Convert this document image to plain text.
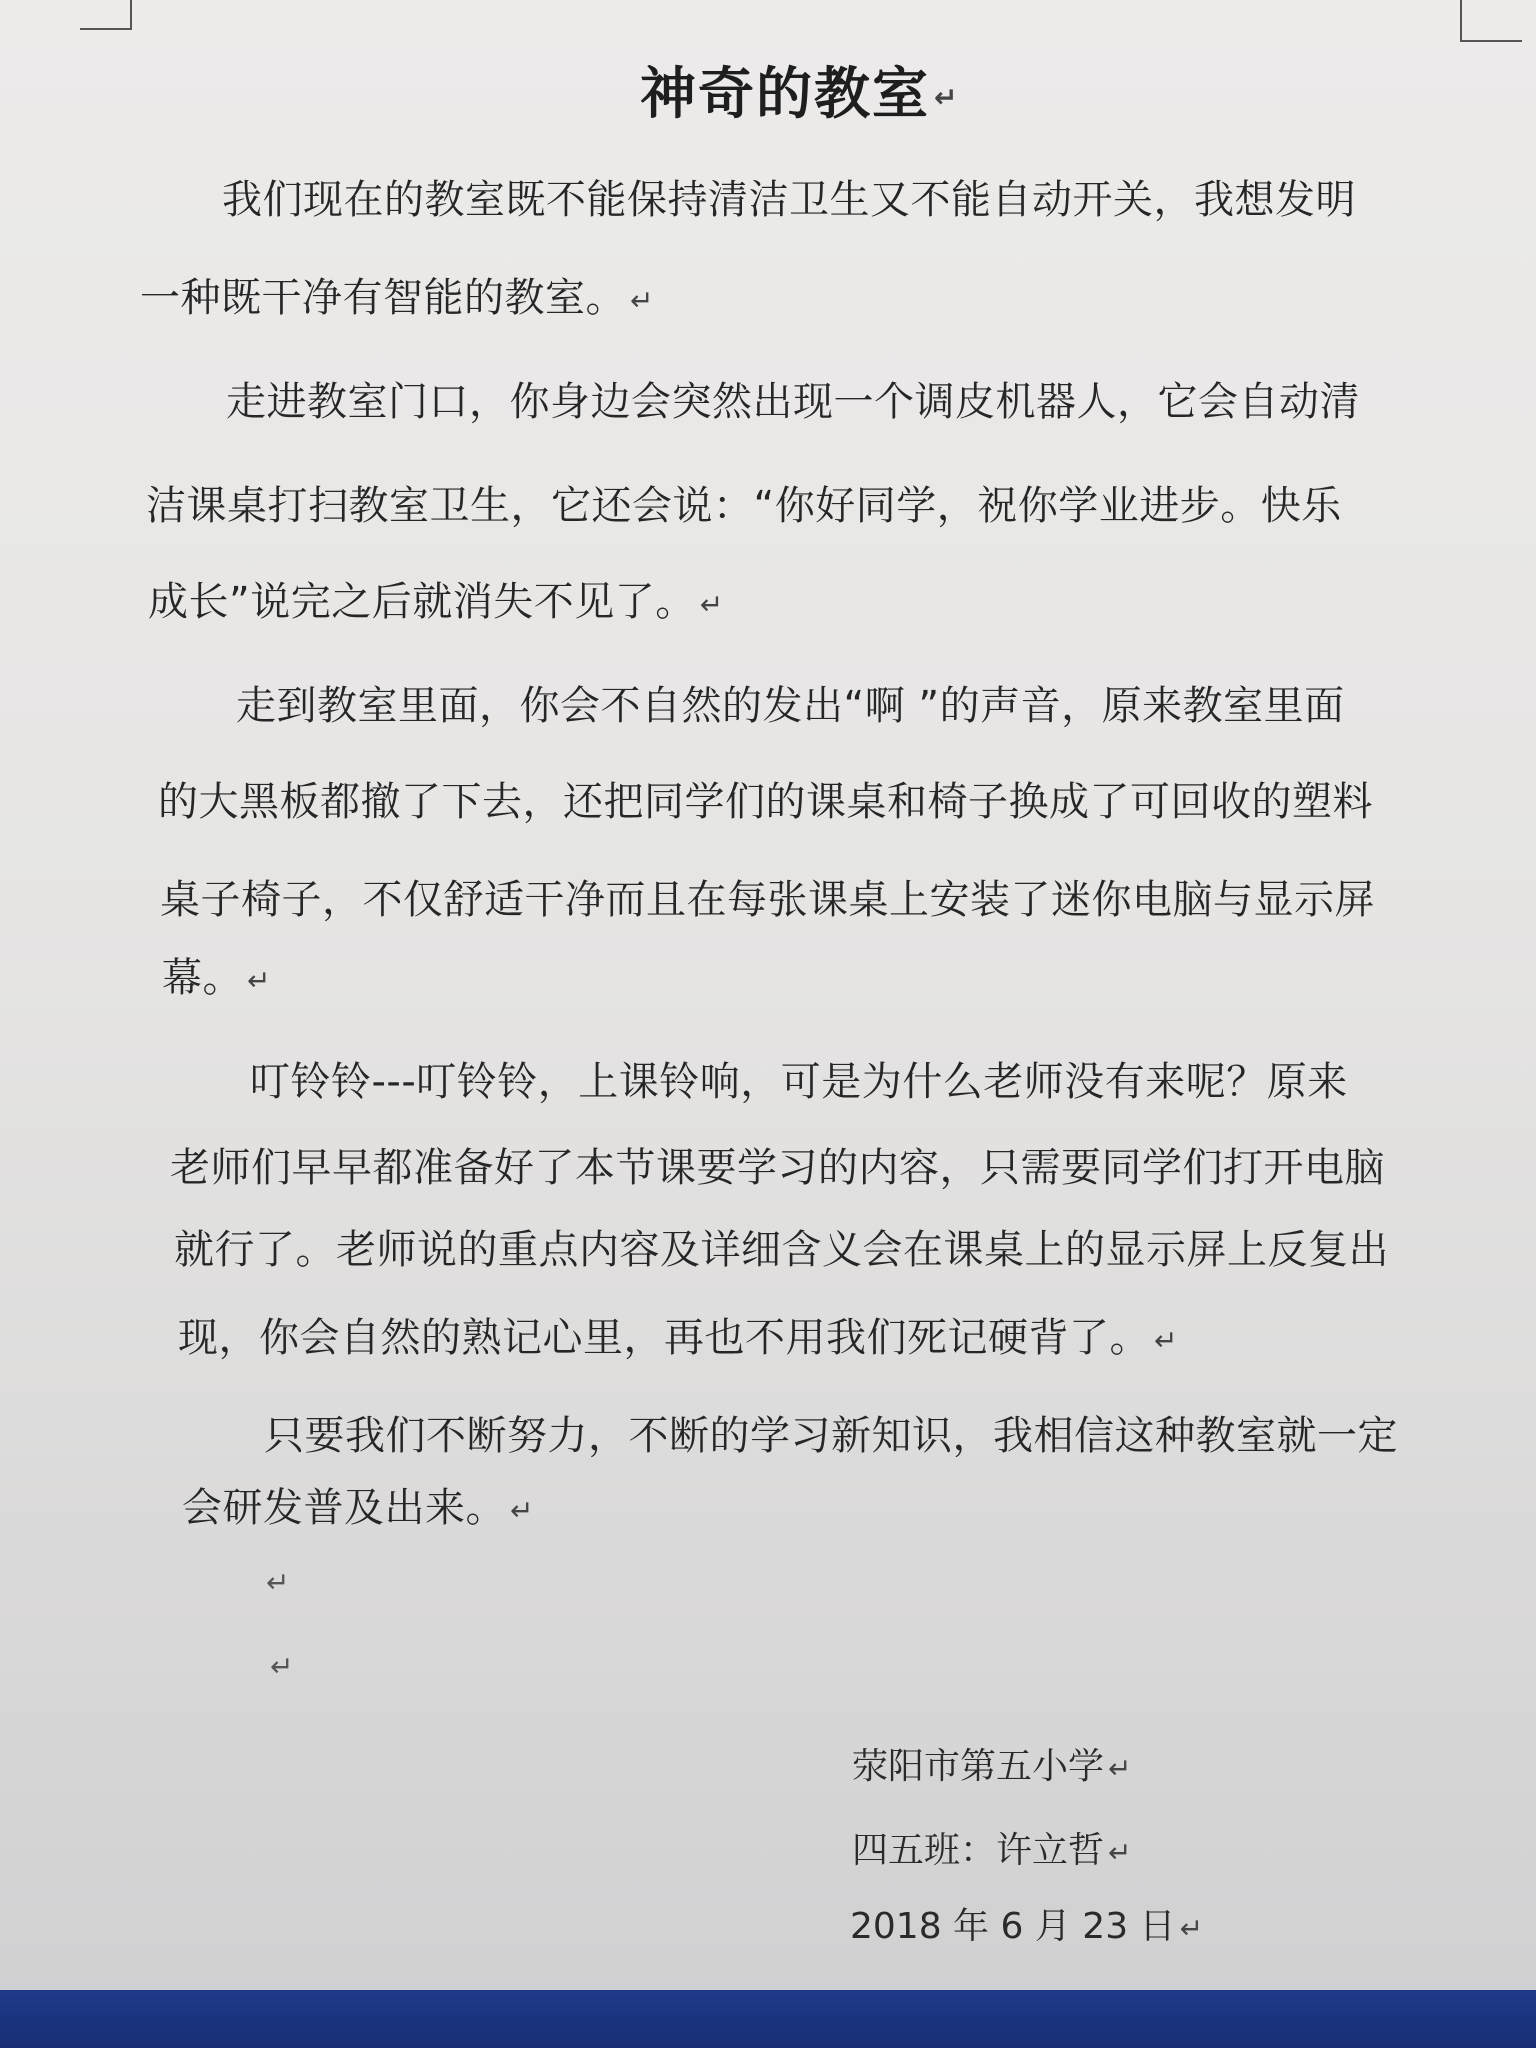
神奇的教室 ↵
我们现在的教室既不能保持清洁卫生又不能自动开关，我想发明
一种既干净有智能的教室。 ↵
走进教室门口，你身边会突然出现一个调皮机器人，它会自动清
洁课桌打扫教室卫生，它还会说：“你好同学，祝你学业进步。快乐
成长”说完之后就消失不见了。 ↵
走到教室里面，你会不自然的发出“啊 ”的声音，原来教室里面
的大黑板都撤了下去，还把同学们的课桌和椅子换成了可回收的塑料
桌子椅子，不仅舒适干净而且在每张课桌上安装了迷你电脑与显示屏
幕。 ↵
叮铃铃---叮铃铃，上课铃响，可是为什么老师没有来呢？原来
老师们早早都准备好了本节课要学习的内容，只需要同学们打开电脑
就行了。老师说的重点内容及详细含义会在课桌上的显示屏上反复出
现，你会自然的熟记心里，再也不用我们死记硬背了。 ↵
只要我们不断努力，不断的学习新知识，我相信这种教室就一定
会研发普及出来。 ↵
↵
↵
荥阳市第五小学 ↵
四五班：许立哲 ↵
2018 年 6 月 23 日 ↵
